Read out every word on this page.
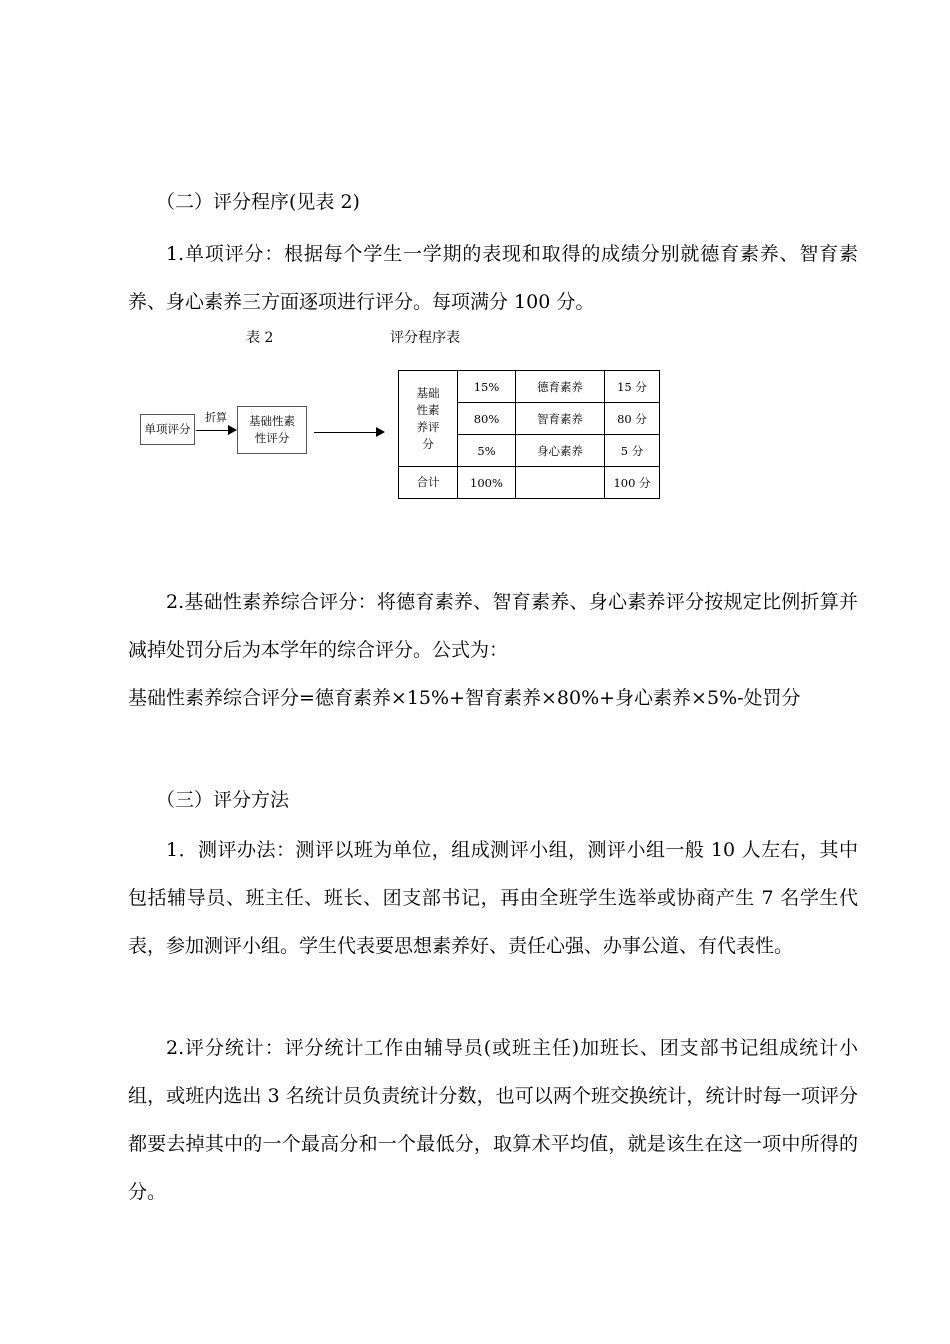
（二）评分程序(见表 2)

1.单项评分：根据每个学生一学期的表现和取得的成绩分别就德育素养、智育素养、身心素养三方面逐项进行评分。每项满分 100 分。

表 2	评分程序表
单项评分
折算	基础性素性评分
基础性素养评分	15%	德育素养	15 分
	80%	智育素养	80 分
	5%	身心素养	5 分
合计	100%		100 分

2.基础性素养综合评分：将德育素养、智育素养、身心素养评分按规定比例折算并减掉处罚分后为本学年的综合评分。公式为：

基础性素养综合评分=德育素养×15%+智育素养×80%+身心素养×5%-处罚分

（三）评分方法

1．测评办法：测评以班为单位，组成测评小组，测评小组一般 10 人左右，其中包括辅导员、班主任、班长、团支部书记，再由全班学生选举或协商产生 7 名学生代表，参加测评小组。学生代表要思想素养好、责任心强、办事公道、有代表性。

2.评分统计：评分统计工作由辅导员(或班主任)加班长、团支部书记组成统计小组，或班内选出 3 名统计员负责统计分数，也可以两个班交换统计，统计时每一项评分都要去掉其中的一个最高分和一个最低分，取算术平均值，就是该生在这一项中所得的分。
